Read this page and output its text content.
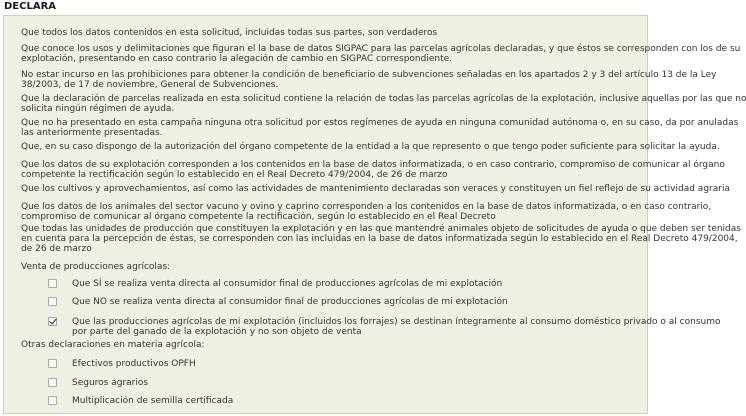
DECLARA
Que todos los datos contenidos en esta solicitud, incluidas todas sus partes, son verdaderos
Que conoce los usos y delimitaciones que figuran el la base de datos SIGPAC para las parcelas agrícolas declaradas, y que éstos se corresponden con los de su
explotación, presentando en caso contrario la alegación de cambio en SIGPAC correspondiente.
No estar incurso en las prohibiciones para obtener la condición de beneficiario de subvenciones señaladas en los apartados 2 y 3 del artículo 13 de la Ley
38/2003, de 17 de noviembre, General de Subvenciones.
Que la declaración de parcelas realizada en esta solicitud contiene la relación de todas las parcelas agrícolas de la explotación, inclusive aquellas por las que no
solicita ningún régimen de ayuda.
Que no ha presentado en esta campaña ninguna otra solicitud por estos regímenes de ayuda en ninguna comunidad autónoma o, en su caso, da por anuladas
las anteriormente presentadas.
Que, en su caso dispongo de la autorización del órgano competente de la entidad a la que represento o que tengo poder suficiente para solicitar la ayuda.
Que los datos de su explotación corresponden a los contenidos en la base de datos informatizada, o en caso contrario, compromiso de comunicar al órgano
competente la rectificación según lo establecido en el Real Decreto 479/2004, de 26 de marzo
Que los cultivos y aprovechamientos, así como las actividades de mantenimiento declaradas son veraces y constituyen un fiel reflejo de su actividad agraria
Que los datos de los animales del sector vacuno y ovino y caprino corresponden a los contenidos en la base de datos informatizada, o en caso contrario,
compromiso de comunicar al órgano competente la rectificación, según lo establecido en el Real Decreto
Que todas las unidades de producción que constituyen la explotación y en las que mantendré animales objeto de solicitudes de ayuda o que deben ser tenidas
en cuenta para la percepción de éstas, se corresponden con las incluidas en la base de datos informatizada según lo establecido en el Real Decreto 479/2004,
de 26 de marzo
Venta de producciones agrícolas:
Que SÍ se realiza venta directa al consumidor final de producciones agrícolas de mi explotación
Que NO se realiza venta directa al consumidor final de producciones agrícolas de mi explotación
Que las producciones agrícolas de mi explotación (incluidos los forrajes) se destinan íntegramente al consumo doméstico privado o al consumo
por parte del ganado de la explotación y no son objeto de venta
Otras declaraciones en materia agrícola:
Efectivos productivos OPFH
Seguros agrarios
Multiplicación de semilla certificada
